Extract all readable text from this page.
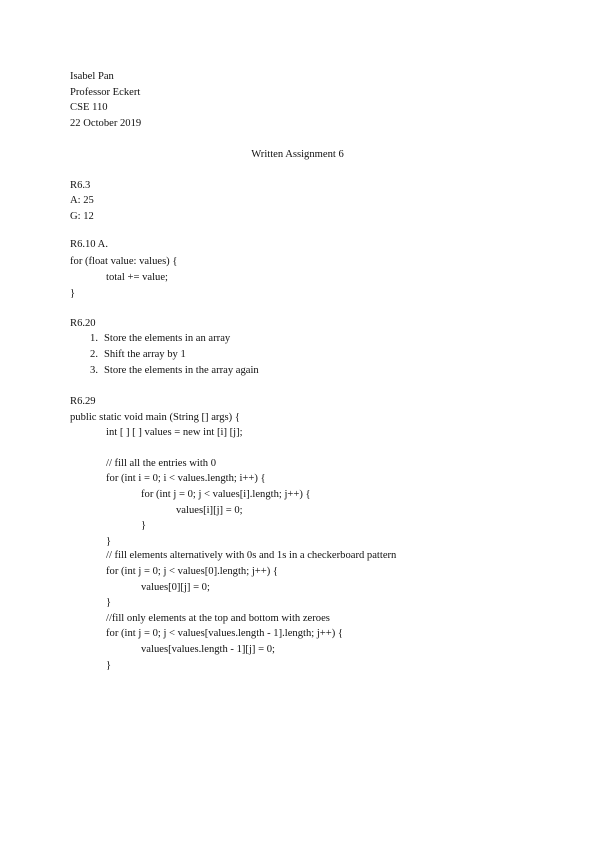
Isabel Pan
Professor Eckert
CSE 110
22 October 2019
Written Assignment 6
R6.3
A: 25
G: 12
R6.10 A.
for (float value: values) {
total += value;
}
R6.20
1. Store the elements in an array
2. Shift the array by 1
3. Store the elements in the array again
R6.29
public static void main (String [] args) {
int [ ] [ ] values = new int [i] [j];
// fill all the entries with 0
for (int i = 0; i < values.length; i++) {
for (int j = 0; j < values[i].length; j++) {
values[i][j] = 0;
}
}
// fill elements alternatively with 0s and 1s in a checkerboard pattern
for (int j = 0; j < values[0].length; j++) {
values[0][j] = 0;
}
//fill only elements at the top and bottom with zeroes
for (int j = 0; j < values[values.length - 1].length; j++) {
values[values.length - 1][j] = 0;
}
